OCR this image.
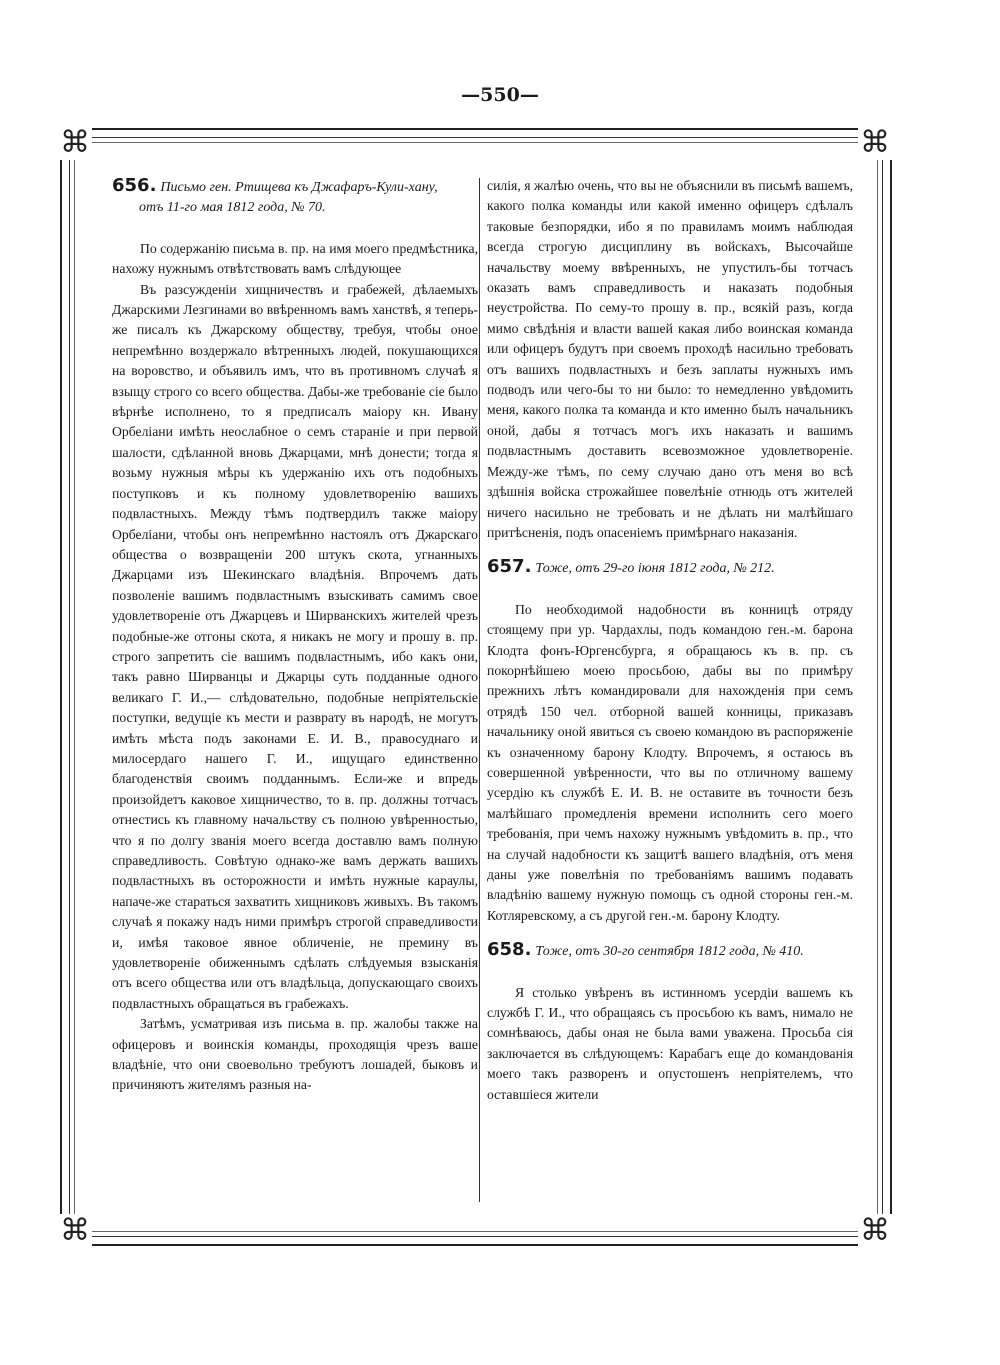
—550—
⌘	⌘
⌘	⌘
656. Письмо ген. Ртищева къ Джафаръ-Кули-хану,
отъ 11-го мая 1812 года, № 70.

По содержанію письма в. пр. на имя моего предмѣстника, нахожу нужнымъ отвѣтствовать вамъ слѣдующее

Въ разсужденіи хищничествъ и грабежей, дѣлаемыхъ Джарскими Лезгинами во ввѣренномъ вамъ ханствѣ, я теперь-же писалъ къ Джарскому обществу, требуя, чтобы оное непремѣнно воздержало вѣтренныхъ людей, покушающихся на воровство, и объявилъ имъ, что въ противномъ случаѣ я взыщу строго со всего общества. Дабы-же требованіе сіе было вѣрнѣе исполнено, то я предписалъ маіору кн. Ивану Орбеліани имѣть неослабное о семъ стараніе и при первой шалости, сдѣланной вновь Джарцами, мнѣ донести; тогда я возьму нужныя мѣры къ удержанію ихъ отъ подобныхъ поступковъ и къ полному удовлетворенію вашихъ подвластныхъ. Между тѣмъ подтвердилъ также маіору Орбеліани, чтобы онъ непремѣнно настоялъ отъ Джарскаго общества о возвращеніи 200 штукъ скота, угнанныхъ Джарцами изъ Шекинскаго владѣнія. Впрочемъ дать позволеніе вашимъ подвластнымъ взыскивать самимъ свое удовлетвореніе отъ Джарцевъ и Ширванскихъ жителей чрезъ подобные-же отгоны скота, я никакъ не могу и прошу в. пр. строго запретить сіе вашимъ подвластнымъ, ибо какъ они, такъ равно Ширванцы и Джарцы суть подданные одного великаго Г. И.,— слѣдовательно, подобные непріятельскіе поступки, ведущіе къ мести и разврату въ народѣ, не могутъ имѣть мѣста подъ законами Е. И. В., правосуднаго и милосердаго нашего Г. И., ищущаго единственно благоденствія своимъ подданнымъ. Если-же и впредь произойдетъ каковое хищничество, то в. пр. должны тотчасъ отнестись къ главному начальству съ полною увѣренностью, что я по долгу званія моего всегда доставлю вамъ полную справедливость. Совѣтую однако-же вамъ держать вашихъ подвластныхъ въ осторожности и имѣть нужные караулы, напаче-же стараться захватить хищниковъ живыхъ. Въ такомъ случаѣ я покажу надъ ними примѣръ строгой справедливости и, имѣя таковое явное обличеніе, не премину въ удовлетвореніе обиженнымъ сдѣлать слѣдуемыя взысканія отъ всего общества или отъ владѣльца, допускающаго своихъ подвластныхъ обращаться въ грабежахъ.

Затѣмъ, усматривая изъ письма в. пр. жалобы также на офицеровъ и воинскія команды, проходящія чрезъ ваше владѣніе, что они своевольно требуютъ лошадей, быковъ и причиняютъ жителямъ разныя на-

силія, я жалѣю очень, что вы не объяснили въ письмѣ вашемъ, какого полка команды или какой именно офицеръ сдѣлалъ таковые безпорядки, ибо я по правиламъ моимъ наблюдая всегда строгую дисциплину въ войскахъ, Высочайше начальству моему ввѣренныхъ, не упустилъ-бы тотчасъ оказать вамъ справедливость и наказать подобныя неустройства. По сему-то прошу в. пр., всякій разъ, когда мимо свѣдѣнія и власти вашей какая либо воинская команда или офицеръ будутъ при своемъ проходѣ насильно требовать отъ вашихъ подвластныхъ и безъ заплаты нужныхъ имъ подводъ или чего-бы то ни было: то немедленно увѣдомить меня, какого полка та команда и кто именно былъ начальникъ оной, дабы я тотчасъ могъ ихъ наказать и вашимъ подвластнымъ доставить всевозможное удовлетвореніе. Между-же тѣмъ, по сему случаю дано отъ меня во всѣ здѣшнія войска строжайшее повелѣніе отнюдь отъ жителей ничего насильно не требовать и не дѣлать ни малѣйшаго притѣсненія, подъ опасеніемъ примѣрнаго наказанія.

657. Тоже, отъ 29-го іюня 1812 года, № 212.

По необходимой надобности въ конницѣ отряду стоящему при ур. Чардахлы, подъ командою ген.-м. барона Клодта фонъ-Юргенсбурга, я обращаюсь къ в. пр. съ покорнѣйшею моею просьбою, дабы вы по примѣру прежнихъ лѣтъ командировали для нахожденія при семъ отрядѣ 150 чел. отборной вашей конницы, приказавъ начальнику оной явиться съ своею командою въ распоряженіе къ означенному барону Клодту. Впрочемъ, я остаюсь въ совершенной увѣренности, что вы по отличному вашему усердію къ службѣ Е. И. В. не оставите въ точности безъ малѣйшаго промедленія времени исполнить сего моего требованія, при чемъ нахожу нужнымъ увѣдомить в. пр., что на случай надобности къ защитѣ вашего владѣнія, отъ меня даны уже повелѣнія по требованіямъ вашимъ подавать владѣнію вашему нужную помощь съ одной стороны ген.-м. Котляревскому, а съ другой ген.-м. барону Клодту.

658. Тоже, отъ 30-го сентября 1812 года, № 410.

Я столько увѣренъ въ истинномъ усердіи вашемъ къ службѣ Г. И., что обращаясь съ просьбою къ вамъ, нимало не сомнѣваюсь, дабы оная не была вами уважена. Просьба сія заключается въ слѣдующемъ: Карабагъ еще до командованія моего такъ разворенъ и опустошенъ непріятелемъ, что оставшіеся жители
